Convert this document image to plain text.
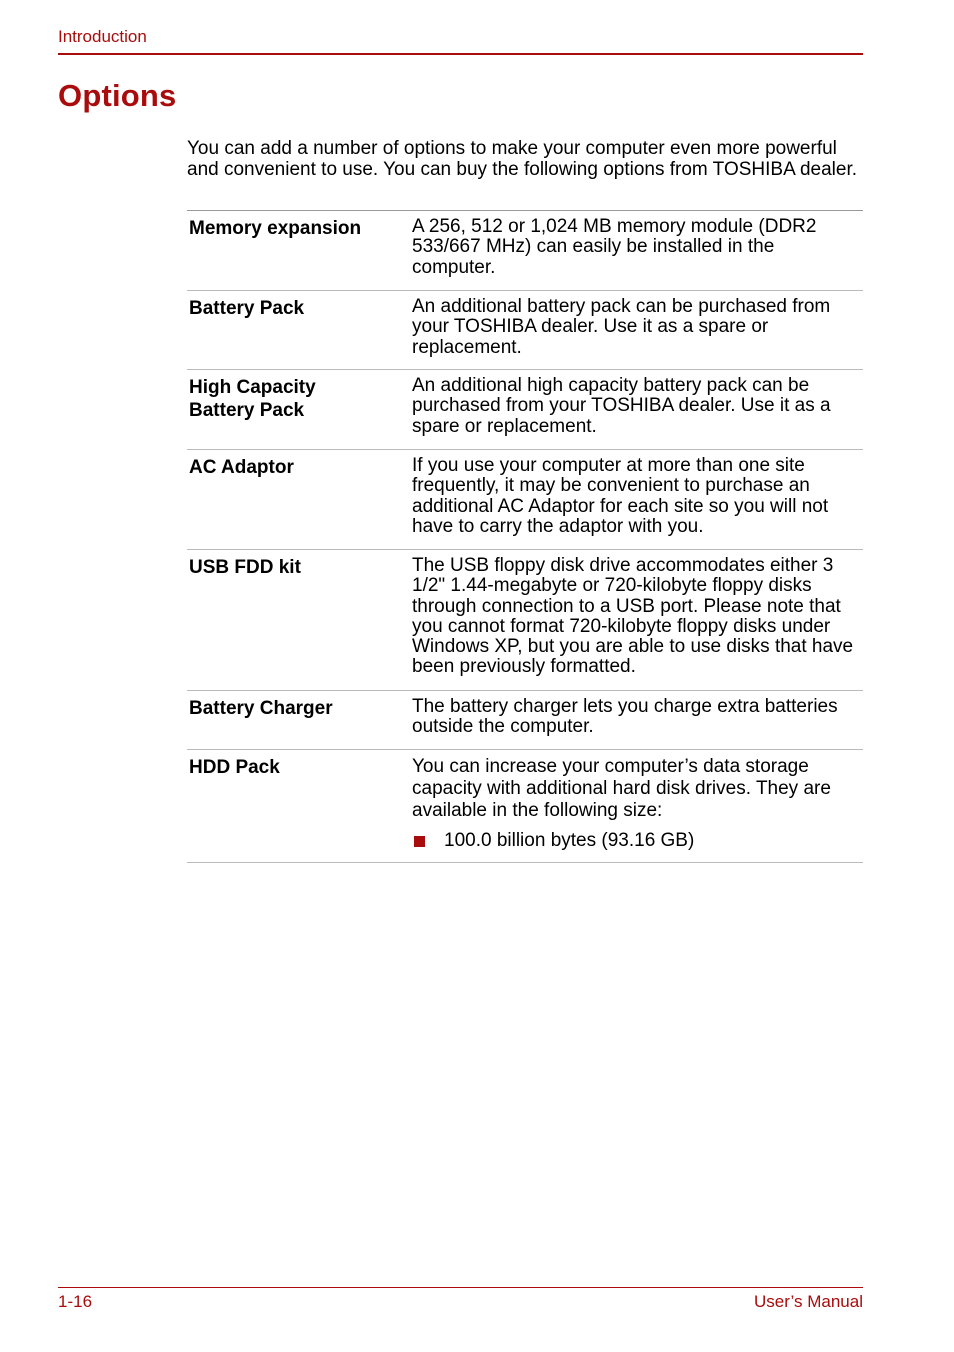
Introduction
Options

You can add a number of options to make your computer even more powerful and convenient to use. You can buy the following options from TOSHIBA dealer.

Memory expansion	A 256, 512 or 1,024 MB memory module (DDR2 533/667 MHz) can easily be installed in the computer.

Battery Pack	An additional battery pack can be purchased from your TOSHIBA dealer. Use it as a spare or replacement.

High Capacity Battery Pack	An additional high capacity battery pack can be purchased from your TOSHIBA dealer. Use it as a spare or replacement.

AC Adaptor	If you use your computer at more than one site frequently, it may be convenient to purchase an additional AC Adaptor for each site so you will not have to carry the adaptor with you.

USB FDD kit	The USB floppy disk drive accommodates either 3 1/2" 1.44-megabyte or 720-kilobyte floppy disks through connection to a USB port. Please note that you cannot format 720-kilobyte floppy disks under Windows XP, but you are able to use disks that have been previously formatted.

Battery Charger	The battery charger lets you charge extra batteries outside the computer.

HDD Pack	You can increase your computer’s data storage capacity with additional hard disk drives. They are available in the following size:
100.0 billion bytes (93.16 GB)
1-16	User’s Manual
